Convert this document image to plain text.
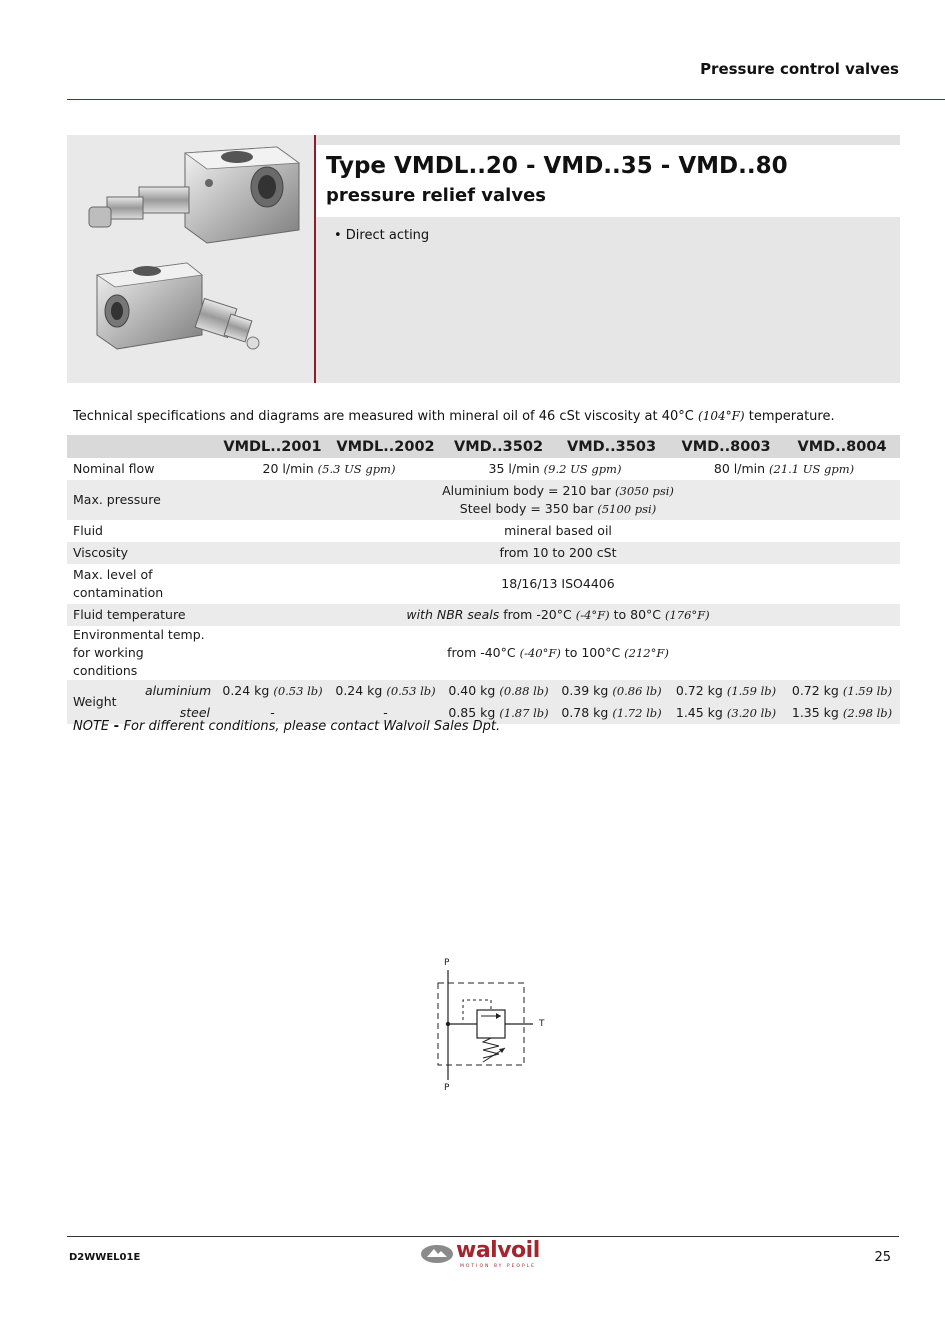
Pressure control valves
Type VMDL..20 - VMD..35 - VMD..80
pressure relief valves
• Direct acting
Technical specifications and diagrams are measured with mineral oil of 46 cSt viscosity at 40°C (104°F) temperature.
		VMDL..2001	VMDL..2002	VMD..3502	VMD..3503	VMD..8003	VMD..8004
Nominal flow		20 l/min (5.3 US gpm)		35 l/min (9.2 US gpm)		80 l/min (21.1 US gpm)	
Max. pressure		Aluminium body = 210 bar (3050 psi)
Steel body = 350 bar (5100 psi)					

Fluid		mineral based oil					
Viscosity		from 10 to 200 cSt					

Max. level of
contamination		18/16/13 ISO4406					
Fluid temperature		with NBR seals from -20°C (-4°F) to 80°C (176°F)					

Environmental temp.
for working conditions		from -40°C (-40°F) to 100°C (212°F)					
Weight	aluminium	0.24 kg (0.53 lb)	0.24 kg (0.53 lb)	0.40 kg (0.88 lb)	0.39 kg (0.86 lb)	0.72 kg (1.59 lb)	0.72 kg (1.59 lb)
	steel	-	-	0.85 kg (1.87 lb)	0.78 kg (1.72 lb)	1.45 kg (3.20 lb)	1.35 kg (2.98 lb)
NOTE - For different conditions, please contact Walvoil Sales Dpt.
P
P
T
D2WWEL01E	walvoil
MOTION BY PEOPLE
25
